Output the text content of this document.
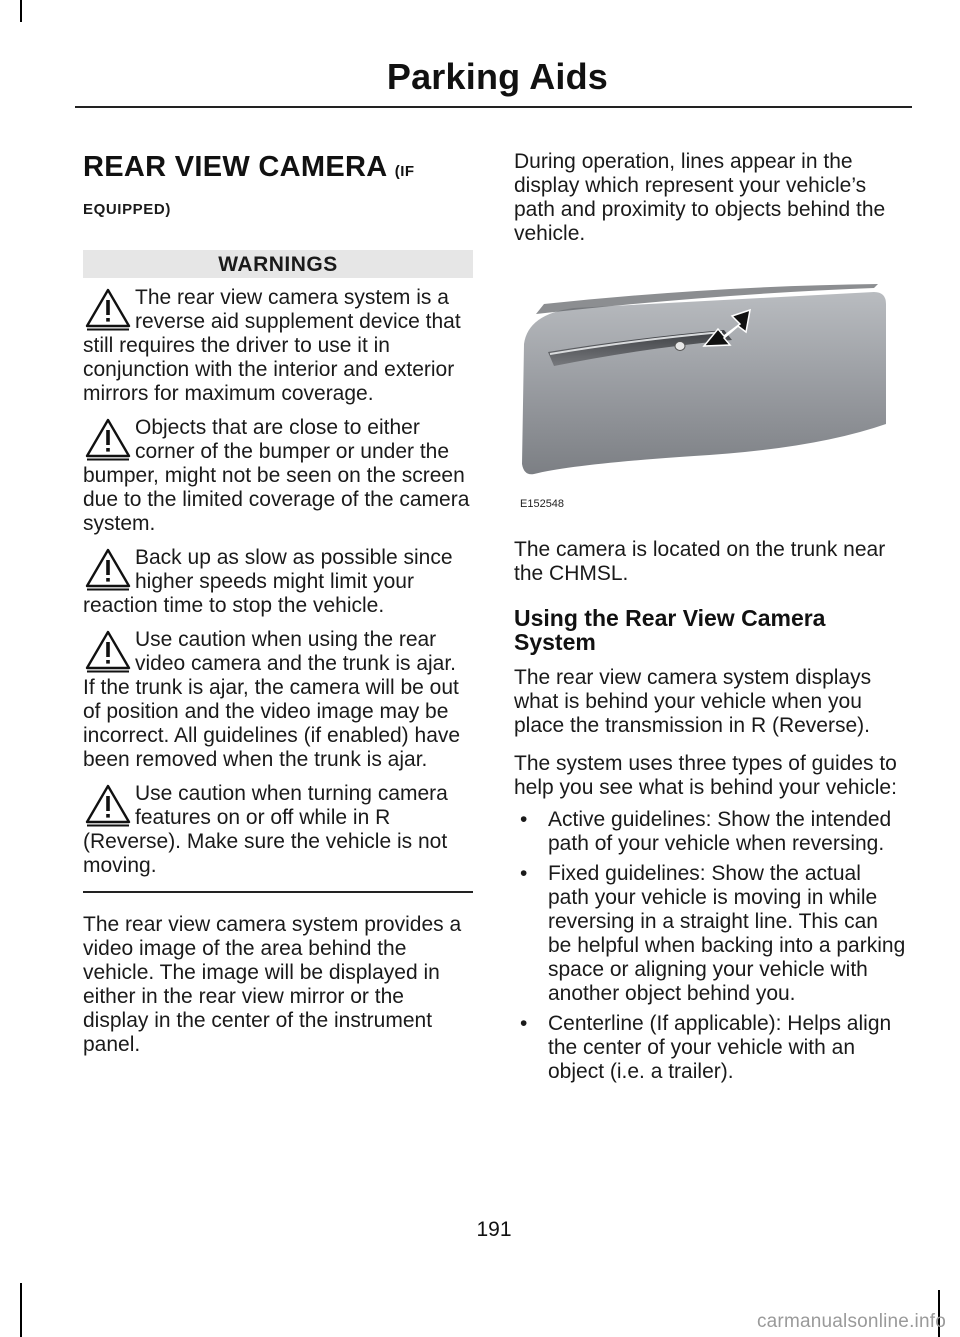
Parking Aids
REAR VIEW CAMERA (IF
EQUIPPED)
WARNINGS

The rear view camera system is a reverse aid supplement device that still requires the driver to use it in conjunction with the interior and exterior mirrors for maximum coverage.

Objects that are close to either corner of the bumper or under the bumper, might not be seen on the screen due to the limited coverage of the camera system.

Back up as slow as possible since higher speeds might limit your reaction time to stop the vehicle.

Use caution when using the rear video camera and the trunk is ajar. If the trunk is ajar, the camera will be out of position and the video image may be incorrect. All guidelines (if enabled) have been removed when the trunk is ajar.

Use caution when turning camera features on or off while in R (Reverse). Make sure the vehicle is not moving.

The rear view camera system provides a video image of the area behind the vehicle. The image will be displayed in either in the rear view mirror or the display in the center of the instrument panel.

During operation, lines appear in the display which represent your vehicle’s path and proximity to objects behind the vehicle.

E152548

The camera is located on the trunk near the CHMSL.

Using the Rear View Camera System

The rear view camera system displays what is behind your vehicle when you place the transmission in R (Reverse).

The system uses three types of guides to help you see what is behind your vehicle:

• Active guidelines: Show the intended path of your vehicle when reversing.
• Fixed guidelines: Show the actual path your vehicle is moving in while reversing in a straight line. This can be helpful when backing into a parking space or aligning your vehicle with another object behind you.
• Centerline (If applicable): Helps align the center of your vehicle with an object (i.e. a trailer).
191
carmanualsonline.info
